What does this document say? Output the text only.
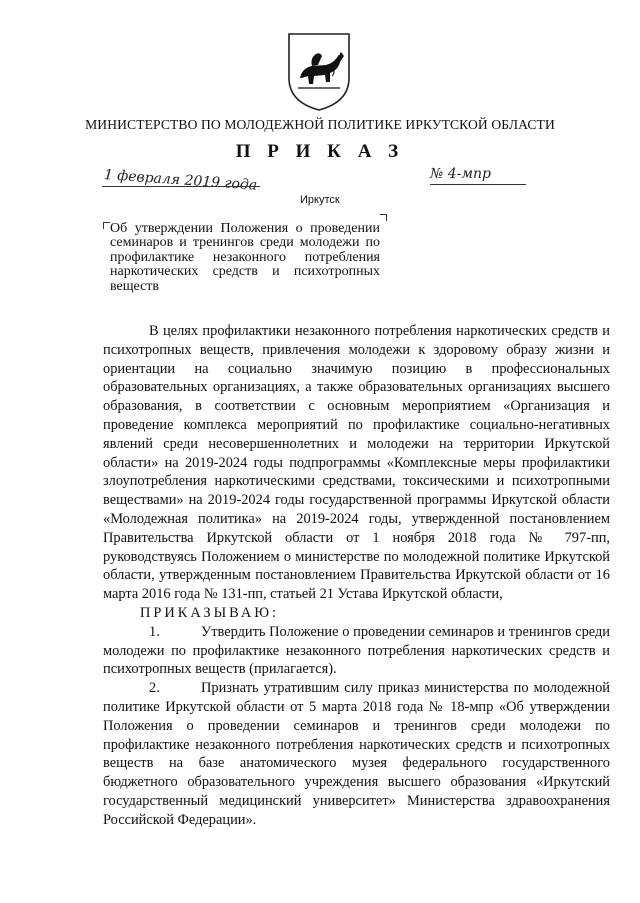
МИНИСТЕРСТВО ПО МОЛОДЕЖНОЙ ПОЛИТИКЕ ИРКУТСКОЙ ОБЛАСТИ
П Р И К А З
1 февраля 2019 года	№ 4-мпр
Иркутск
Об утверждении Положения о проведении семинаров и тренингов среди молодежи по профилактике незаконного потребления наркотических средств и психотропных веществ

В целях профилактики незаконного потребления наркотических средств и психотропных веществ, привлечения молодежи к здоровому образу жизни и ориентации на социально значимую позицию в профессиональных образовательных организациях, а также образовательных организациях высшего образования, в соответствии с основным мероприятием «Организация и проведение комплекса мероприятий по профилактике социально-негативных явлений среди несовершеннолетних и молодежи на территории Иркутской области» на 2019-2024 годы подпрограммы «Комплексные меры профилактики злоупотребления наркотическими средствами, токсическими и психотропными веществами» на 2019-2024 годы государственной программы Иркутской области «Молодежная политика» на 2019-2024 годы, утвержденной постановлением Правительства Иркутской области от 1 ноября 2018 года № 797-пп, руководствуясь Положением о министерстве по молодежной политике Иркутской области, утвержденным постановлением Правительства Иркутской области от 16 марта 2016 года № 131-пп, статьей 21 Устава Иркутской области,

ПРИКАЗЫВАЮ:

1.	Утвердить Положение о проведении семинаров и тренингов среди молодежи по профилактике незаконного потребления наркотических средств и психотропных веществ (прилагается).

2.	Признать утратившим силу приказ министерства по молодежной политике Иркутской области от 5 марта 2018 года № 18-мпр «Об утверждении Положения о проведении семинаров и тренингов среди молодежи по профилактике незаконного потребления наркотических средств и психотропных веществ на базе анатомического музея федерального государственного бюджетного образовательного учреждения высшего образования «Иркутский государственный медицинский университет» Министерства здравоохранения Российской Федерации».
